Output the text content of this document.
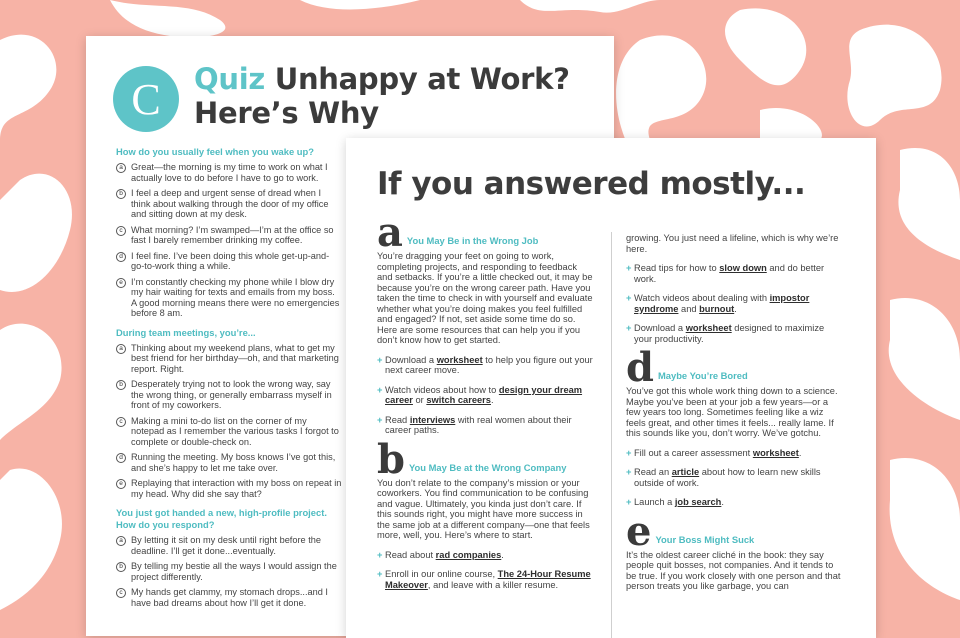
C Quiz Unhappy at Work? Here’s Why
How do you usually feel when you wake up?
a Great—the morning is my time to work on what I actually love to do before I have to go to work.
b I feel a deep and urgent sense of dread when I think about walking through the door of my office and sitting down at my desk.
c What morning? I’m swamped—I’m at the office so fast I barely remember drinking my coffee.
d I feel fine. I’ve been doing this whole get-up-and-go-to-work thing a while.
e I’m constantly checking my phone while I blow dry my hair waiting for texts and emails from my boss. A good morning means there were no emergencies before 8 am.
During team meetings, you’re...
a Thinking about my weekend plans, what to get my best friend for her birthday—oh, and that marketing report. Right.
b Desperately trying not to look the wrong way, say the wrong thing, or generally embarrass myself in front of my coworkers.
c Making a mini to-do list on the corner of my notepad as I remember the various tasks I forgot to complete or double-check on.
d Running the meeting. My boss knows I’ve got this, and she’s happy to let me take over.
e Replaying that interaction with my boss on repeat in my head. Why did she say that?
You just got handed a new, high-profile project. How do you respond?
a By letting it sit on my desk until right before the deadline. I’ll get it done...eventually.
b By telling my bestie all the ways I would assign the project differently.
c My hands get clammy, my stomach drops...and I have bad dreams about how I’ll get it done.
If you answered mostly...
a You May Be in the Wrong Job
You’re dragging your feet on going to work, completing projects, and responding to feedback and setbacks. If you’re a little checked out, it may be because you’re on the wrong career path. Have you taken the time to check in with yourself and evaluate whether what you’re doing makes you feel fulfilled and engaged? If not, set aside some time do so. Here are some resources that can help you if you don’t know how to get started.
+ Download a worksheet to help you figure out your next career move.
+ Watch videos about how to design your dream career or switch careers.
+ Read interviews with real women about their career paths.
b You May Be at the Wrong Company
You don’t relate to the company’s mission or your coworkers. You find communication to be confusing and vague. Ultimately, you kinda just don’t care. If this sounds right, you might have more success in the same job at a different company—one that feels more, well, you. Here’s where to start.
+ Read about rad companies.
+ Enroll in our online course, The 24-Hour Resume Makeover, and leave with a killer resume.
growing. You just need a lifeline, which is why we’re here.
+ Read tips for how to slow down and do better work.
+ Watch videos about dealing with impostor syndrome and burnout.
+ Download a worksheet designed to maximize your productivity.
d Maybe You’re Bored
You’ve got this whole work thing down to a science. Maybe you’ve been at your job a few years—or a few years too long. Sometimes feeling like a wiz feels great, and other times it feels... really lame. If this sounds like you, don’t worry. We’ve gotchu.
+ Fill out a career assessment worksheet.
+ Read an article about how to learn new skills outside of work.
+ Launch a job search.
e Your Boss Might Suck
It’s the oldest career cliché in the book: they say people quit bosses, not companies. And it tends to be true. If you work closely with one person and that person treats you like garbage, you can
